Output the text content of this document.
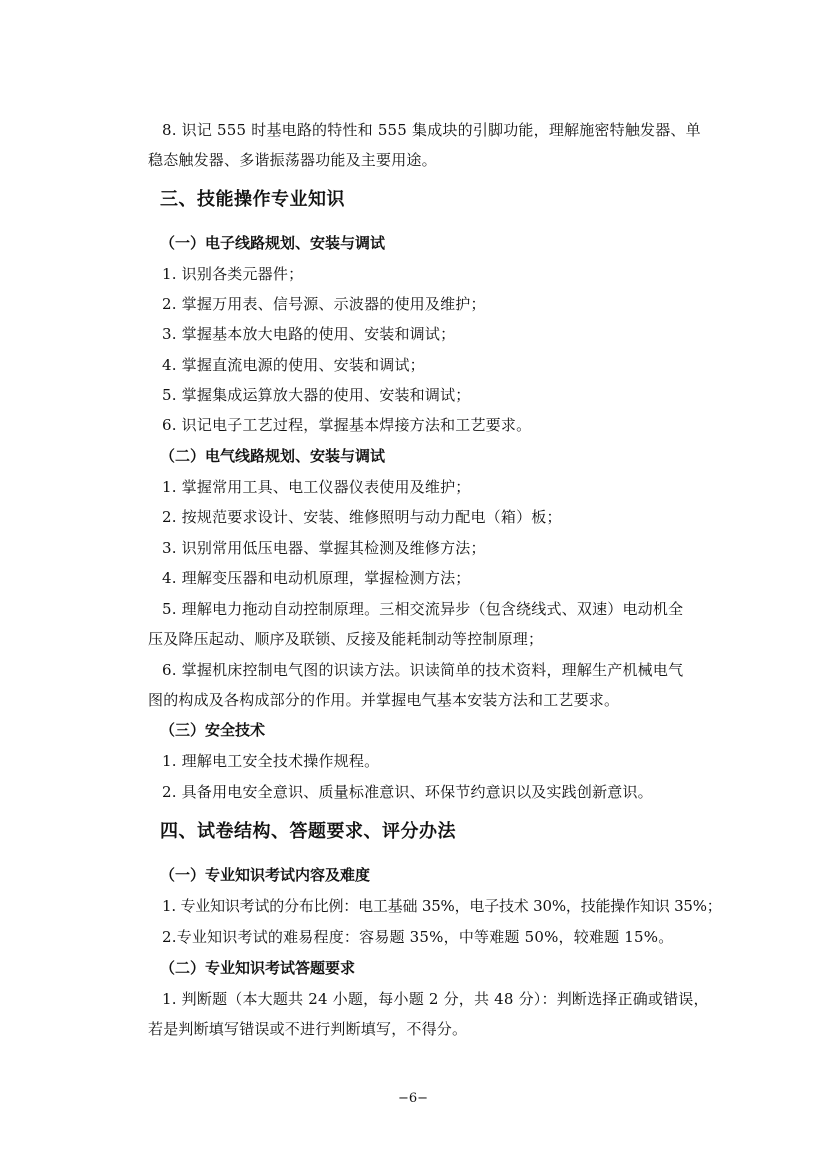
8. 识记 555 时基电路的特性和 555 集成块的引脚功能，理解施密特触发器、单

稳态触发器、多谐振荡器功能及主要用途。

三、技能操作专业知识
（一）电子线路规划、安装与调试

1. 识别各类元器件；

2. 掌握万用表、信号源、示波器的使用及维护；

3. 掌握基本放大电路的使用、安装和调试；

4. 掌握直流电源的使用、安装和调试；

5. 掌握集成运算放大器的使用、安装和调试；

6. 识记电子工艺过程，掌握基本焊接方法和工艺要求。

（二）电气线路规划、安装与调试

1. 掌握常用工具、电工仪器仪表使用及维护；

2. 按规范要求设计、安装、维修照明与动力配电（箱）板；

3. 识别常用低压电器、掌握其检测及维修方法；

4. 理解变压器和电动机原理，掌握检测方法；

5. 理解电力拖动自动控制原理。三相交流异步（包含绕线式、双速）电动机全

压及降压起动、顺序及联锁、反接及能耗制动等控制原理；

6. 掌握机床控制电气图的识读方法。识读简单的技术资料，理解生产机械电气

图的构成及各构成部分的作用。并掌握电气基本安装方法和工艺要求。

（三）安全技术

1. 理解电工安全技术操作规程。

2. 具备用电安全意识、质量标准意识、环保节约意识以及实践创新意识。

四、试卷结构、答题要求、评分办法
（一）专业知识考试内容及难度

1. 专业知识考试的分布比例：电工基础 35%，电子技术 30%，技能操作知识 35%；

2.专业知识考试的难易程度：容易题 35%，中等难题 50%，较难题 15%。

（二）专业知识考试答题要求

1. 判断题（本大题共 24 小题，每小题 2 分，共 48 分）：判断选择正确或错误，

若是判断填写错误或不进行判断填写，不得分。

−6−
